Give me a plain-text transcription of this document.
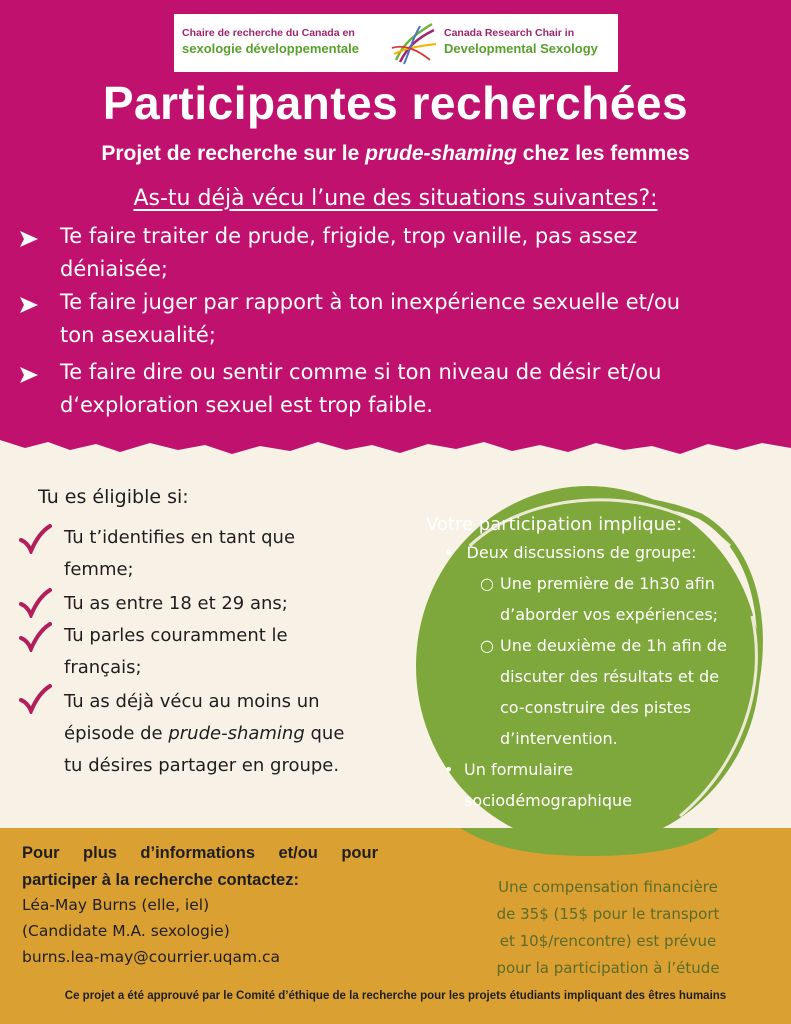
Chaire de recherche du Canada en
sexologie développementale
Canada Research Chair in
Developmental Sexology
Participantes recherchées
Projet de recherche sur le prude-shaming chez les femmes
As-tu déjà vécu l’une des situations suivantes?:
Te faire traiter de prude, frigide, trop vanille, pas assez
déniaisée;
Te faire juger par rapport à ton inexpérience sexuelle et/ou
ton asexualité;
Te faire dire ou sentir comme si ton niveau de désir et/ou
d‘exploration sexuel est trop faible.
Tu es éligible si:
Tu t’identifies en tant que
femme;
Tu as entre 18 et 29 ans;
Tu parles couramment le
français;
Tu as déjà vécu au moins un
épisode de prude-shaming que
tu désires partager en groupe.
Votre participation implique:
• Deux discussions de groupe:
○ Une première de 1h30 afin
d’aborder vos expériences;
○ Une deuxième de 1h afin de
discuter des résultats et de
co-construire des pistes
d’intervention.
• Un formulaire
sociodémographique
Pour plus d’informations et/ou pour
participer à la recherche contactez:
Léa-May Burns (elle, iel)
(Candidate M.A. sexologie)
burns.lea-may@courrier.uqam.ca
Une compensation financière
de 35$ (15$ pour le transport
et 10$/rencontre) est prévue
pour la participation à l’étude
Ce projet a été approuvé par le Comité d’éthique de la recherche pour les projets étudiants impliquant des êtres humains
